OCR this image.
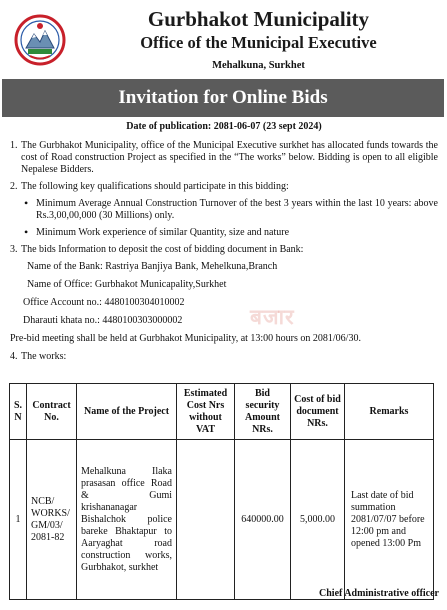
Gurbhakot Municipality
Office of the Municipal Executive
Mehalkuna, Surkhet
Invitation for Online Bids
Date of publication: 2081-06-07 (23 sept 2024)
1. The Gurbhakot Municipality, office of the Municipal Executive surkhet has allocated funds towards the cost of Road construction Project as specified in the “The works” below. Bidding is open to all eligible Nepalese Bidders.
2. The following key qualifications should participate in this bidding:
• Minimum Average Annual Construction Turnover of the best 3 years within the last 10 years: above Rs.3,00,00,000 (30 Millions) only.
• Minimum Work experience of similar Quantity, size and nature
3. The bids Information to deposit the cost of bidding document in Bank:
Name of the Bank: Rastriya Banjiya Bank, Mehelkuna,Branch
Name of Office: Gurbhakot Municapality,Surkhet
Office Account no.: 4480100304010002
Dharauti khata no.: 4480100303000002
Pre-bid meeting shall be held at Gurbhakot Municipality, at 13:00 hours on 2081/06/30.
4. The works:
बजार
S. N	Contract No.	Name of the Project	Estimated Cost Nrs without VAT	Bid security Amount NRs.	Cost of bid document NRs.	Remarks
1	NCB/ WORKS/ GM/03/ 2081-82	Mehalkuna Ilaka prasasan office Road & Gumi krishananagar Bishalchok police bareke Bhaktapur to Aaryaghat road construction works, Gurbhakot, surkhet		640000.00	5,000.00	Last date of bid summation 2081/07/07 before 12:00 pm and opened 13:00 Pm
Chief Administrative officer
